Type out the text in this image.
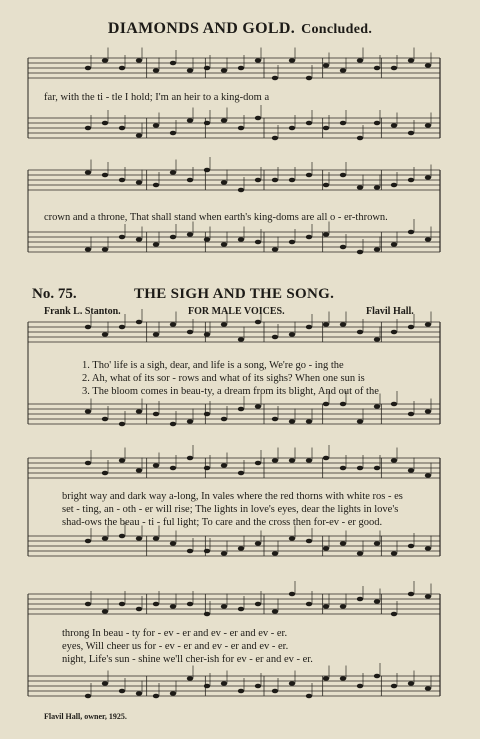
DIAMONDS AND GOLD. Concluded.
far, with the ti - tle I hold; I'm an heir to a king-dom a
crown and a throne, That shall stand when earth's king-doms are all o - er-thrown.
No. 75.	THE SIGH AND THE SONG.
Frank L. Stanton.	FOR MALE VOICES.	Flavil Hall.
1. Tho' life is a sigh, dear, and life is a song, We're go - ing the
2. Ah, what of its sor - rows and what of its sighs? When one sun is
3. The bloom comes in beau-ty, a dream from its blight, And out of the
bright way and dark way a-long, In vales where the red thorns with white ros - es
set - ting, an - oth - er will rise; The lights in love's eyes, dear the lights in love's
shad-ows the beau - ti - ful light; To care and the cross then for-ev - er good.
throng In beau - ty for - ev - er and ev - er and ev - er.
eyes, Will cheer us for - ev - er and ev - er and ev - er.
night, Life's sun - shine we'll cher-ish for ev - er and ev - er.
Flavil Hall, owner, 1925.
